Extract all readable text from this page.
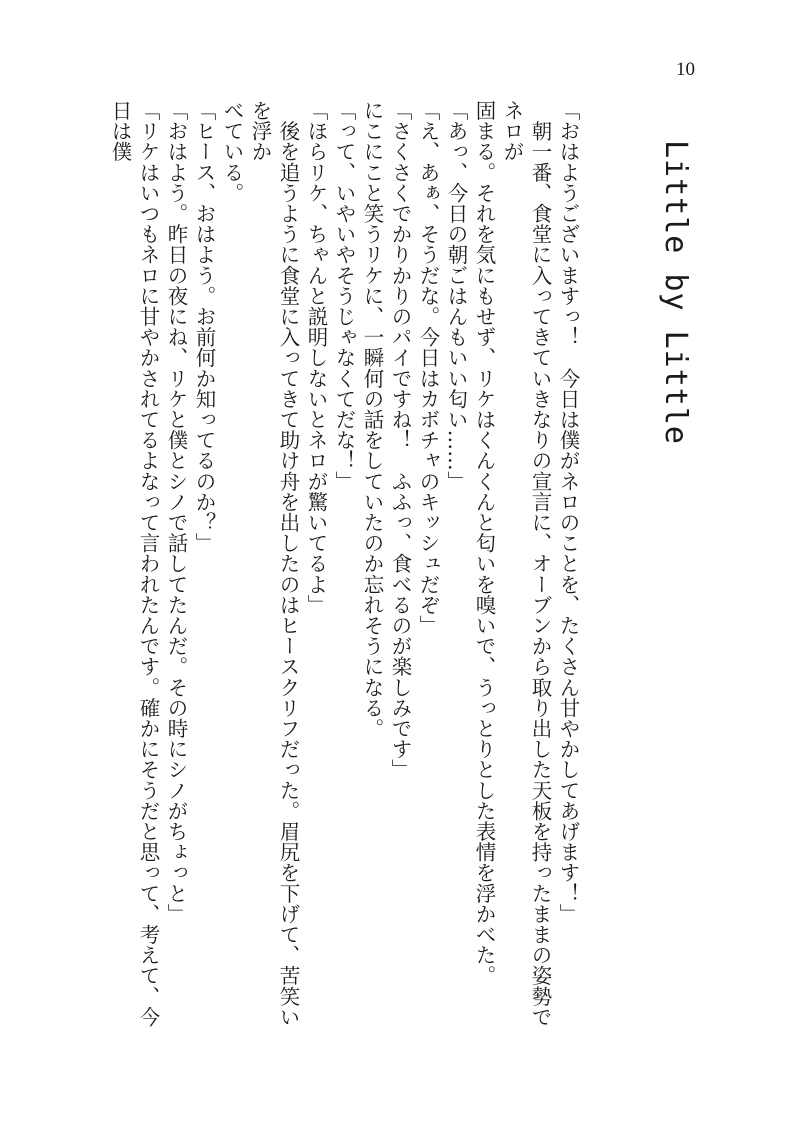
10
Little by Little

「おはようございますっ！　今日は僕がネロのことを、たくさん甘やかしてあげます！」

　朝一番、食堂に入ってきていきなりの宣言に、オーブンから取り出した天板を持ったままの姿勢でネロが

固まる。それを気にもせず、リケはくんくんと匂いを嗅いで、うっとりとした表情を浮かべた。

「あっ、今日の朝ごはんもいい匂い……」

「え、あぁ、そうだな。今日はカボチャのキッシュだぞ」

「さくさくでかりかりのパイですね！　ふふっ、食べるのが楽しみです」

にこにこと笑うリケに、一瞬何の話をしていたのか忘れそうになる。

「って、いやいやそうじゃなくてだな！」

「ほらリケ、ちゃんと説明しないとネロが驚いてるよ」

　後を追うように食堂に入ってきて助け舟を出したのはヒースクリフだった。眉尻を下げて、苦笑いを浮か

べている。

「ヒース、おはよう。お前何か知ってるのか？」

「おはよう。昨日の夜にね、リケと僕とシノで話してたんだ。その時にシノがちょっと」

「リケはいつもネロに甘やかされてるよなって言われたんです。確かにそうだと思って、考えて、今日は僕
